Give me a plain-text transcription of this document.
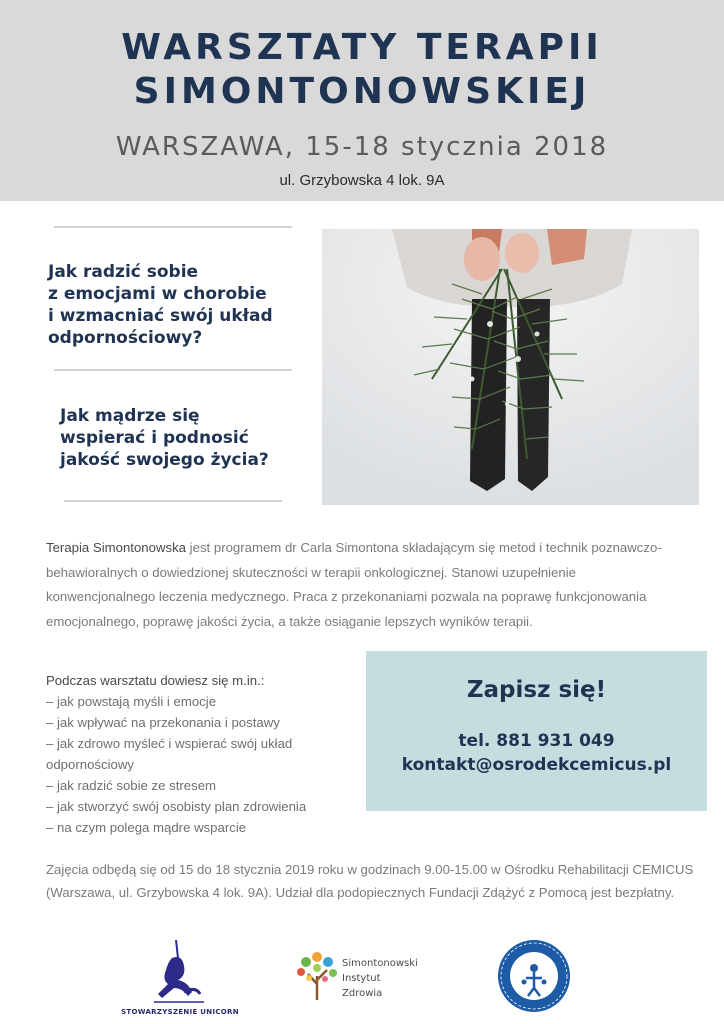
WARSZTATY TERAPII
SIMONTONOWSKIEJ
WARSZAWA, 15-18 stycznia 2018
ul. Grzybowska 4 lok. 9A
Jak radzić sobie
z emocjami w chorobie
i wzmacniać swój układ
odpornościowy?
Jak mądrze się
wspierać i podnosić
jakość swojego życia?
Terapia Simontonowska jest programem dr Carla Simontona składającym się metod i technik poznawczo-behawioralnych o dowiedzionej skuteczności w terapii onkologicznej. Stanowi uzupełnienie konwencjonalnego leczenia medycznego. Praca z przekonaniami pozwala na poprawę funkcjonowania emocjonalnego, poprawę jakości życia, a także osiąganie lepszych wyników terapii.
Podczas warsztatu dowiesz się m.in.:
– jak powstają myśli i emocje
– jak wpływać na przekonania i postawy
– jak zdrowo myśleć i wspierać swój układ odpornościowy
– jak radzić sobie ze stresem
– jak stworzyć swój osobisty plan zdrowienia
– na czym polega mądre wsparcie
Zapisz się!
tel. 881 931 049
kontakt@osrodekcemicus.pl
Zajęcia odbędą się od 15 do 18 stycznia 2019 roku w godzinach 9.00-15.00 w Ośrodku Rehabilitacji CEMICUS (Warszawa, ul. Grzybowska 4 lok. 9A). Udział dla podopiecznych Fundacji Zdążyć z Pomocą jest bezpłatny.
STOWARZYSZENIE UNICORN
Simontonowski
Instytut
Zdrowia
